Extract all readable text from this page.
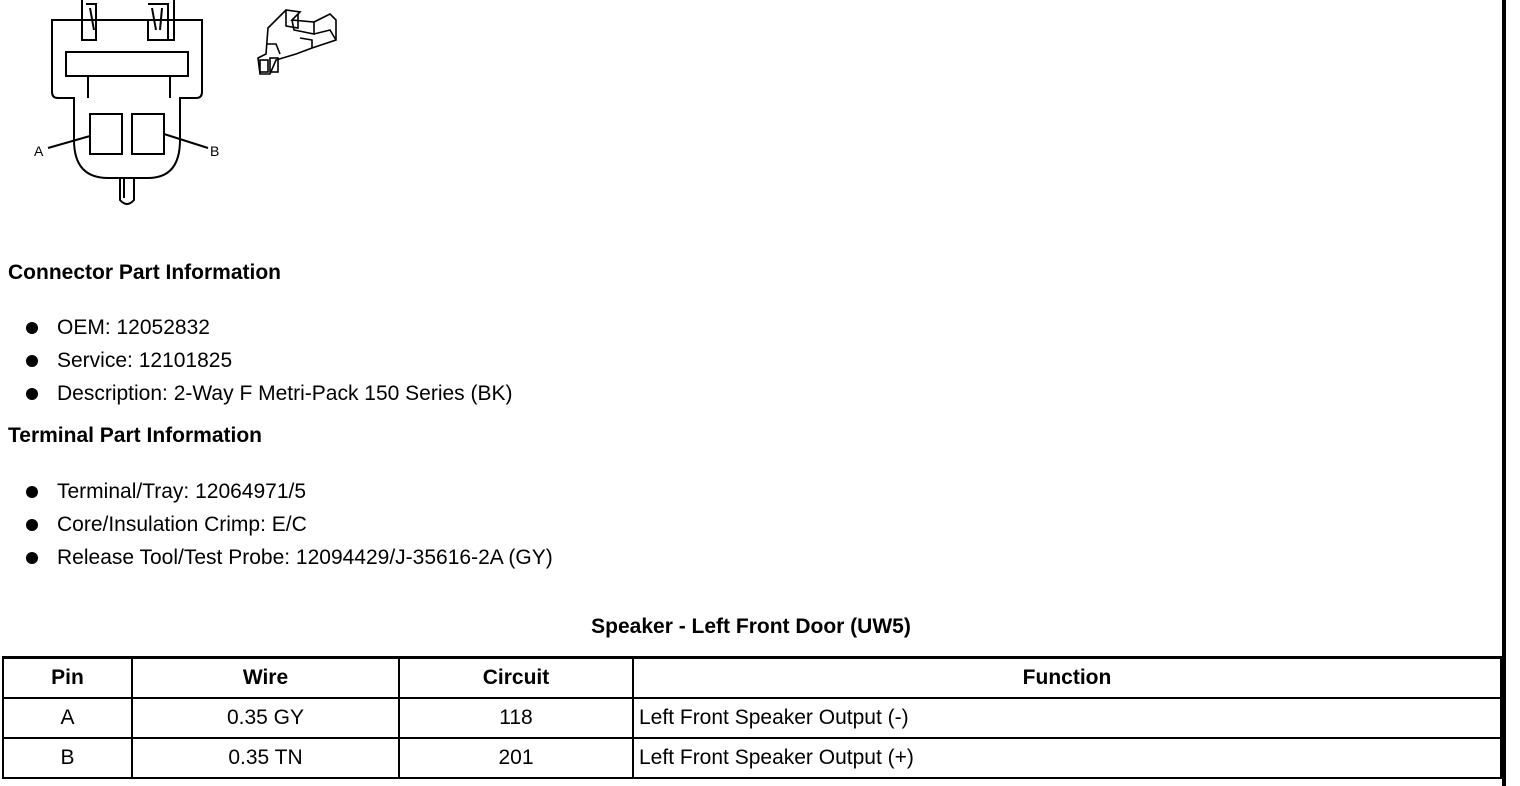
A	B
Connector Part Information
OEM: 12052832
Service: 12101825
Description: 2-Way F Metri-Pack 150 Series (BK)
Terminal Part Information
Terminal/Tray: 12064971/5
Core/Insulation Crimp: E/C
Release Tool/Test Probe: 12094429/J-35616-2A (GY)
Speaker - Left Front Door (UW5)
Pin	Wire	Circuit	Function
A	0.35 GY	118	Left Front Speaker Output (-)
B	0.35 TN	201	Left Front Speaker Output (+)
